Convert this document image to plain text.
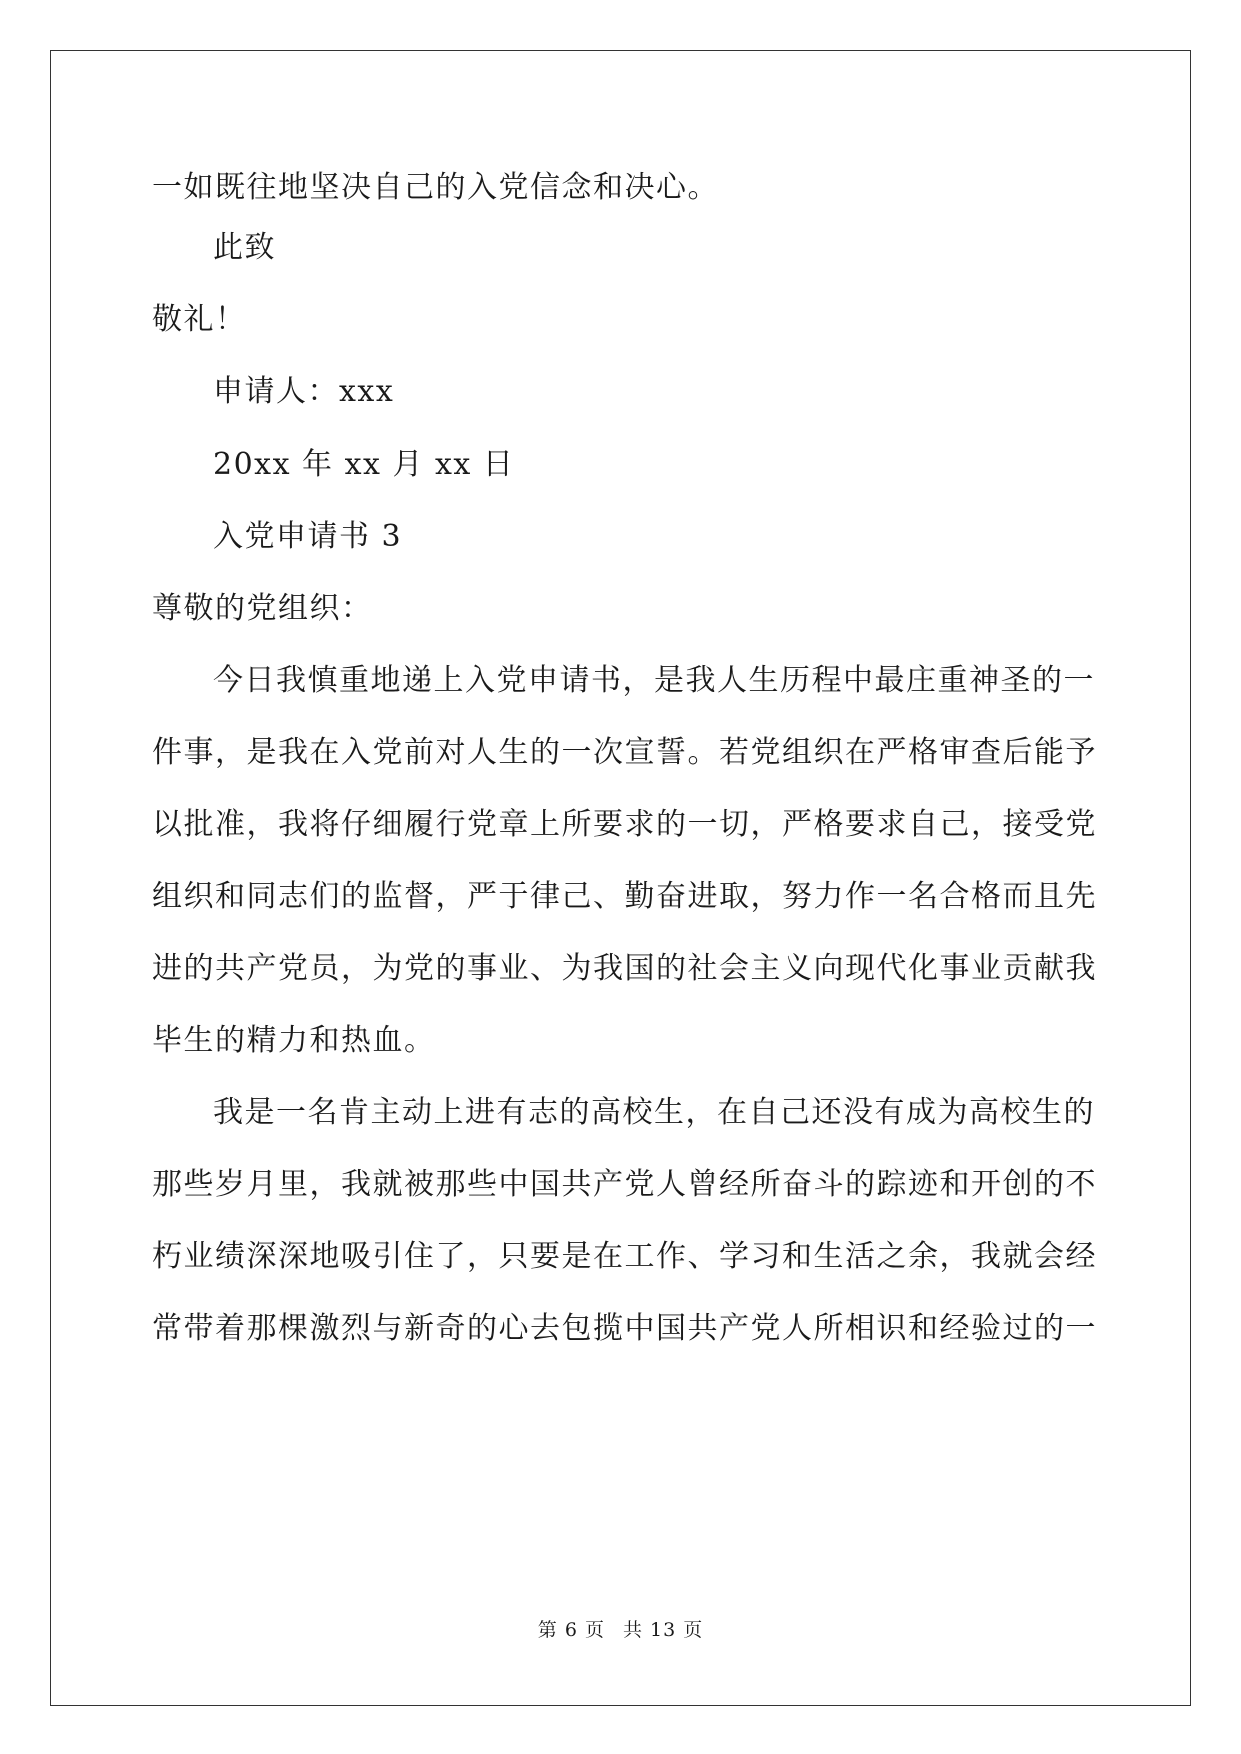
一如既往地坚决自己的入党信念和决心。
此致
敬礼！
申请人：xxx
20xx 年 xx 月 xx 日
入党申请书 3
尊敬的党组织：
今日我慎重地递上入党申请书，是我人生历程中最庄重神圣的一
件事，是我在入党前对人生的一次宣誓。若党组织在严格审查后能予
以批准，我将仔细履行党章上所要求的一切，严格要求自己，接受党
组织和同志们的监督，严于律己、勤奋进取，努力作一名合格而且先
进的共产党员，为党的事业、为我国的社会主义向现代化事业贡献我
毕生的精力和热血。
我是一名肯主动上进有志的高校生，在自己还没有成为高校生的
那些岁月里，我就被那些中国共产党人曾经所奋斗的踪迹和开创的不
朽业绩深深地吸引住了，只要是在工作、学习和生活之余，我就会经
常带着那棵激烈与新奇的心去包揽中国共产党人所相识和经验过的一
第 6 页 共 13 页
